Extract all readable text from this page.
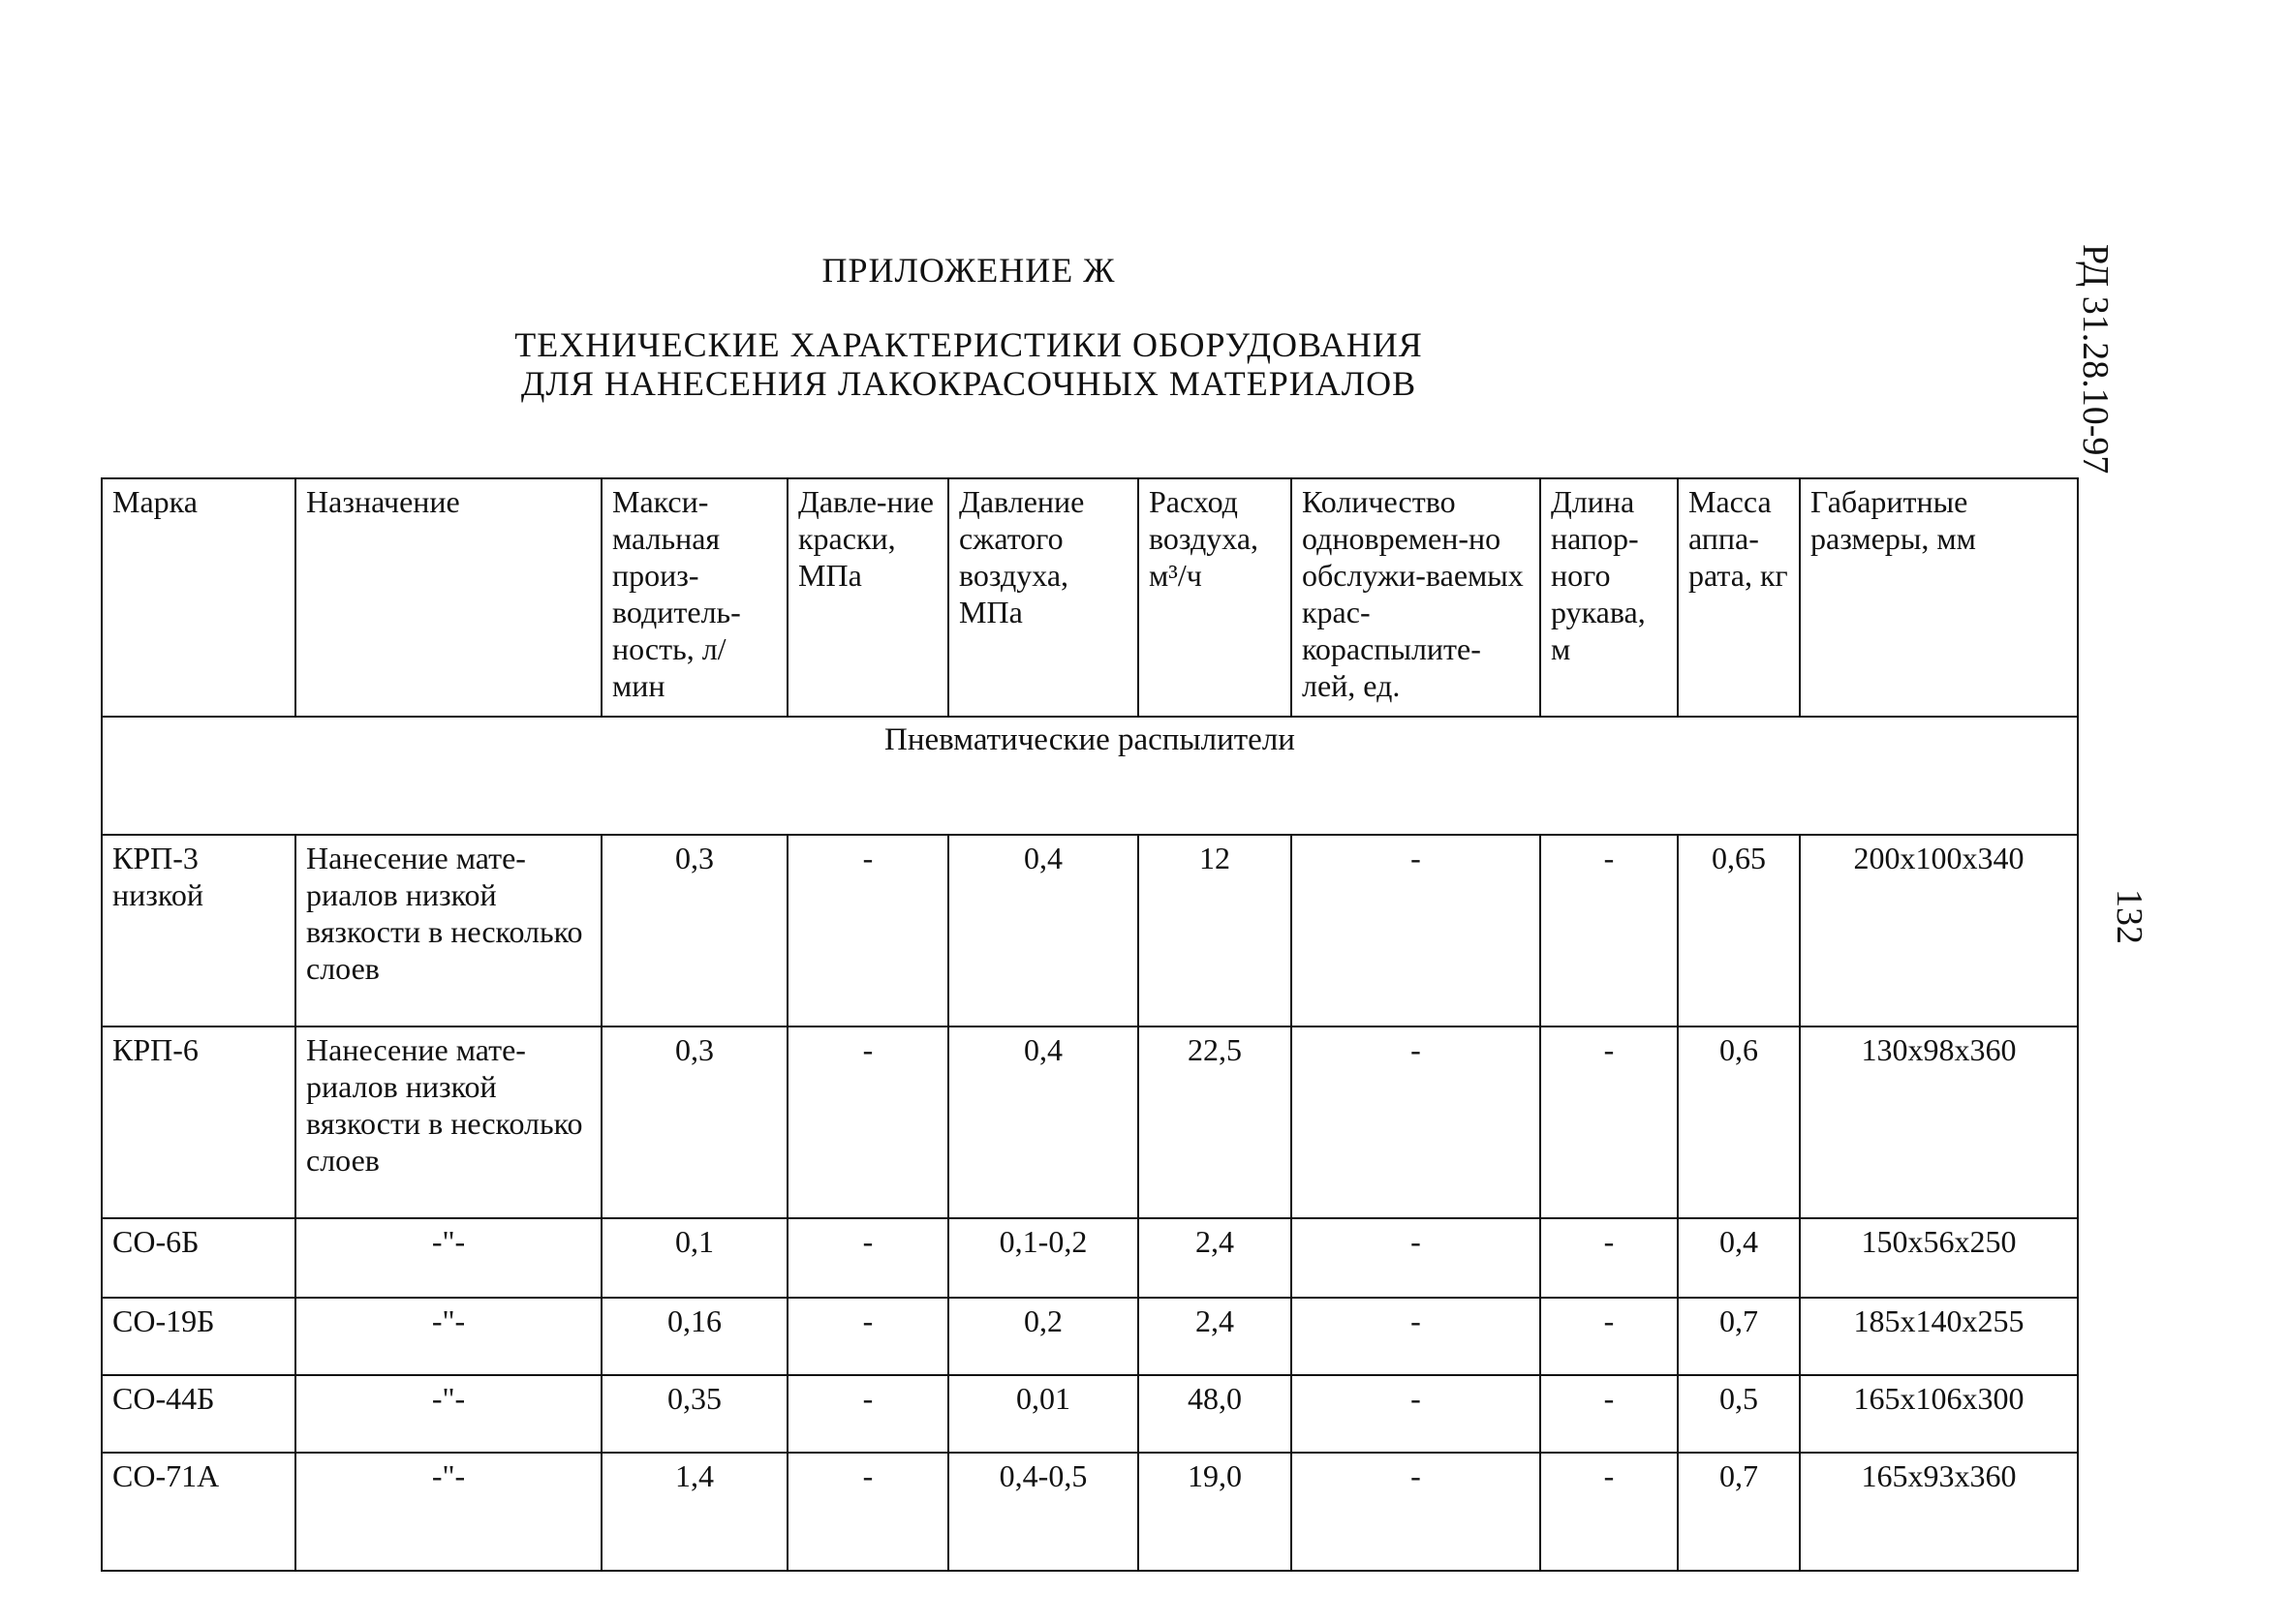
ПРИЛОЖЕНИЕ Ж
ТЕХНИЧЕСКИЕ ХАРАКТЕРИСТИКИ ОБОРУДОВАНИЯ
ДЛЯ НАНЕСЕНИЯ ЛАКОКРАСОЧНЫХ МАТЕРИАЛОВ	РД 31.28.10-97
132
Марка	Назначение	Макси-мальная произ-водитель-ность, л/мин	Давле-ние краски, МПа	Давление сжатого воздуха, МПа	Расход воздуха, м³/ч	Количество одновремен-но обслужи-ваемых крас-кораспылите-лей, ед.	Длина напор-ного рукава, м	Масса аппа-рата, кг	Габаритные размеры, мм
Пневматические распылители									
КРП-3 низкой	Нанесение мате-риалов низкой вязкости в несколько слоев	0,3	-	0,4	12	-	-	0,65	200x100x340
КРП-6	Нанесение мате-риалов низкой вязкости в несколько слоев	0,3	-	0,4	22,5	-	-	0,6	130x98x360
СО-6Б	-"-	0,1	-	0,1-0,2	2,4	-	-	0,4	150x56x250
СО-19Б	-"-	0,16	-	0,2	2,4	-	-	0,7	185x140x255
СО-44Б	-"-	0,35	-	0,01	48,0	-	-	0,5	165x106x300
СО-71А	-"-	1,4	-	0,4-0,5	19,0	-	-	0,7	165x93x360
